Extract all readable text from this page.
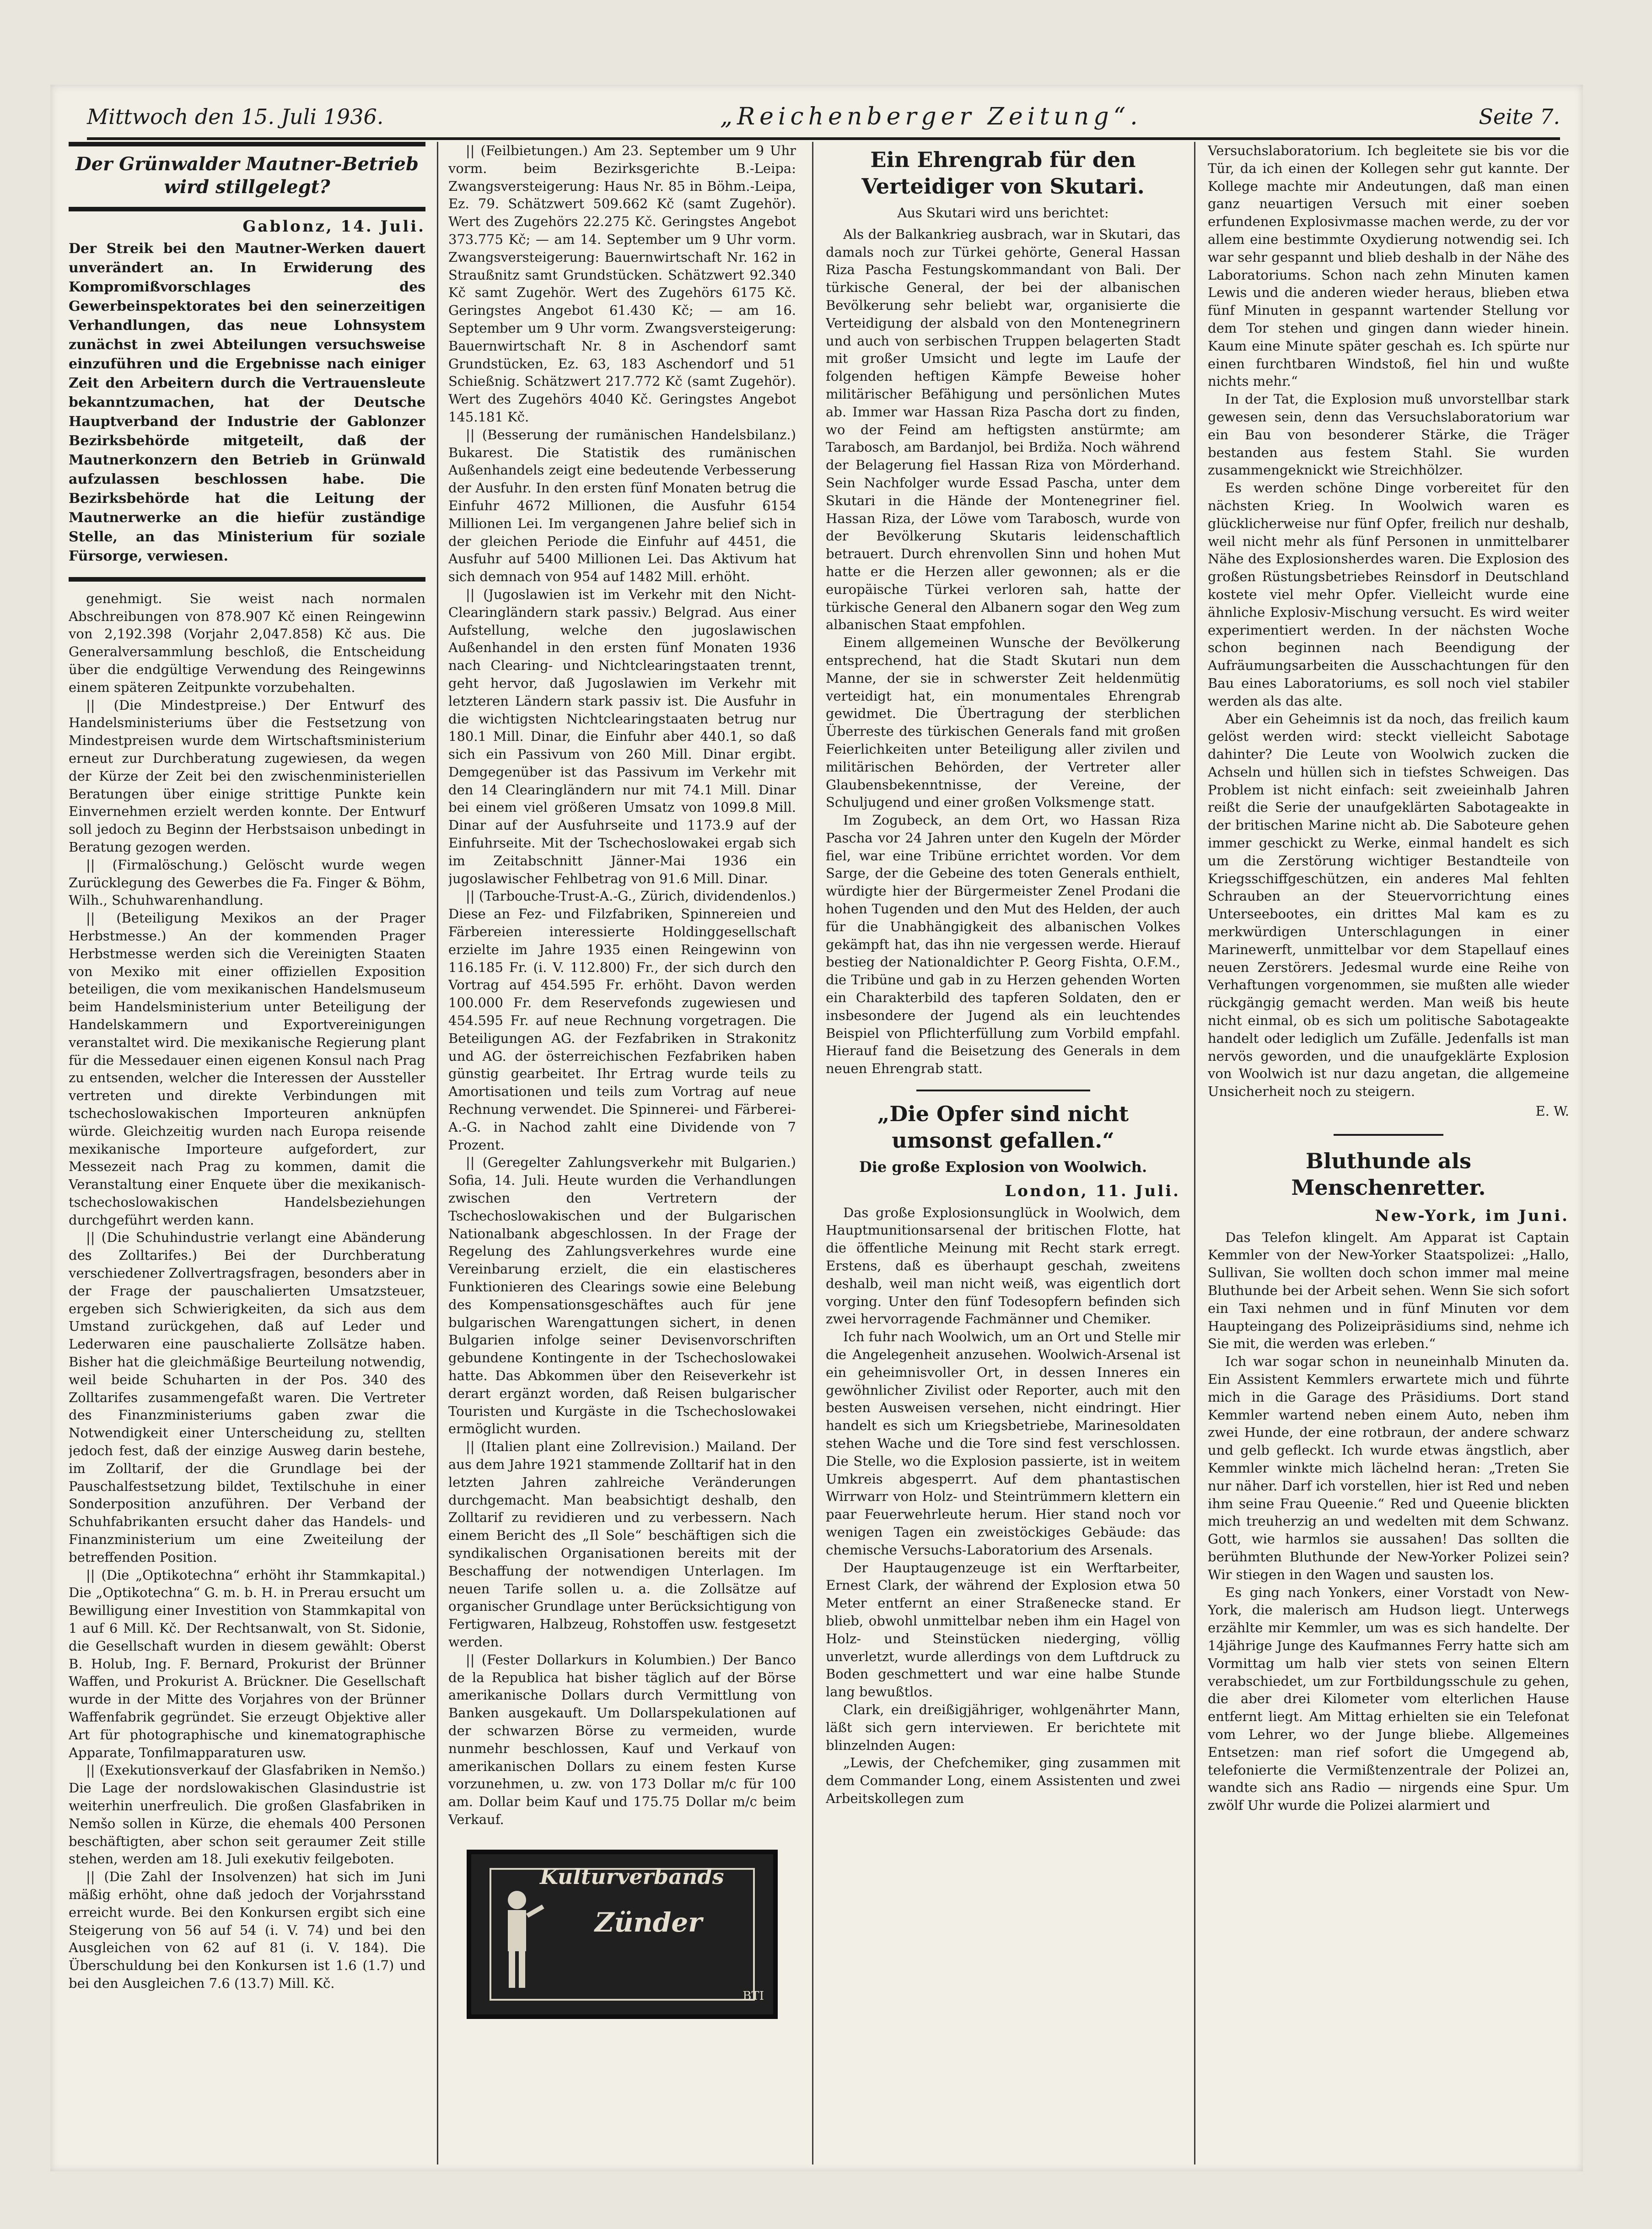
Mittwoch den 15. Juli 1936.	„Reichenberger Zeitung“.	Seite 7.
Der Grünwalder Mautner-Betrieb wird stillgelegt?
Gablonz, 14. Juli.
Der Streik bei den Mautner-Werken dauert unverändert an. In Erwiderung des Kompromißvorschlages des Gewerbeinspektorates bei den seinerzeitigen Verhandlungen, das neue Lohnsystem zunächst in zwei Abteilungen versuchsweise einzuführen und die Ergebnisse nach einiger Zeit den Arbeitern durch die Vertrauensleute bekanntzumachen, hat der Deutsche Hauptverband der Industrie der Gablonzer Bezirksbehörde mitgeteilt, daß der Mautnerkonzern den Betrieb in Grünwald aufzulassen beschlossen habe. Die Bezirksbehörde hat die Leitung der Mautnerwerke an die hiefür zuständige Stelle, an das Ministerium für soziale Fürsorge, verwiesen.

genehmigt. Sie weist nach normalen Abschreibungen von 878.907 Kč einen Reingewinn von 2,192.398 (Vorjahr 2,047.858) Kč aus. Die Generalversammlung beschloß, die Entscheidung über die endgültige Verwendung des Reingewinns einem späteren Zeitpunkte vorzubehalten.

|| (Die Mindestpreise.) Der Entwurf des Handelsministeriums über die Festsetzung von Mindestpreisen wurde dem Wirtschaftsministerium erneut zur Durchberatung zugewiesen, da wegen der Kürze der Zeit bei den zwischenministeriellen Beratungen über einige strittige Punkte kein Einvernehmen erzielt werden konnte. Der Entwurf soll jedoch zu Beginn der Herbstsaison unbedingt in Beratung gezogen werden.

|| (Firmalöschung.) Gelöscht wurde wegen Zurücklegung des Gewerbes die Fa. Finger & Böhm, Wilh., Schuhwarenhandlung.

|| (Beteiligung Mexikos an der Prager Herbstmesse.) An der kommenden Prager Herbstmesse werden sich die Vereinigten Staaten von Mexiko mit einer offiziellen Exposition beteiligen, die vom mexikanischen Handelsmuseum beim Handelsministerium unter Beteiligung der Handelskammern und Exportvereinigungen veranstaltet wird. Die mexikanische Regierung plant für die Messedauer einen eigenen Konsul nach Prag zu entsenden, welcher die Interessen der Aussteller vertreten und direkte Verbindungen mit tschechoslowakischen Importeuren anknüpfen würde. Gleichzeitig wurden nach Europa reisende mexikanische Importeure aufgefordert, zur Messezeit nach Prag zu kommen, damit die Veranstaltung einer Enquete über die mexikanisch-tschechoslowakischen Handelsbeziehungen durchgeführt werden kann.

|| (Die Schuhindustrie verlangt eine Abänderung des Zolltarifes.) Bei der Durchberatung verschiedener Zollvertragsfragen, besonders aber in der Frage der pauschalierten Umsatzsteuer, ergeben sich Schwierigkeiten, da sich aus dem Umstand zurückgehen, daß auf Leder und Lederwaren eine pauschalierte Zollsätze haben. Bisher hat die gleichmäßige Beurteilung notwendig, weil beide Schuharten in der Pos. 340 des Zolltarifes zusammengefaßt waren. Die Vertreter des Finanzministeriums gaben zwar die Notwendigkeit einer Unterscheidung zu, stellten jedoch fest, daß der einzige Ausweg darin bestehe, im Zolltarif, der die Grundlage bei der Pauschalfestsetzung bildet, Textilschuhe in einer Sonderposition anzuführen. Der Verband der Schuhfabrikanten ersucht daher das Handels- und Finanzministerium um eine Zweiteilung der betreffenden Position.

|| (Die „Optikotechna“ erhöht ihr Stammkapital.) Die „Optikotechna“ G. m. b. H. in Prerau ersucht um Bewilligung einer Investition von Stammkapital von 1 auf 6 Mill. Kč. Der Rechtsanwalt, von St. Sidonie, die Gesellschaft wurden in diesem gewählt: Oberst B. Holub, Ing. F. Bernard, Prokurist der Brünner Waffen, und Prokurist A. Brückner. Die Gesellschaft wurde in der Mitte des Vorjahres von der Brünner Waffenfabrik gegründet. Sie erzeugt Objektive aller Art für photographische und kinematographische Apparate, Tonfilmapparaturen usw.

|| (Exekutionsverkauf der Glasfabriken in Nemšo.) Die Lage der nordslowakischen Glasindustrie ist weiterhin unerfreulich. Die großen Glasfabriken in Nemšo sollen in Kürze, die ehemals 400 Personen beschäftigten, aber schon seit geraumer Zeit stille stehen, werden am 18. Juli exekutiv feilgeboten.

|| (Die Zahl der Insolvenzen) hat sich im Juni mäßig erhöht, ohne daß jedoch der Vorjahrsstand erreicht wurde. Bei den Konkursen ergibt sich eine Steigerung von 56 auf 54 (i. V. 74) und bei den Ausgleichen von 62 auf 81 (i. V. 184). Die Überschuldung bei den Konkursen ist 1.6 (1.7) und bei den Ausgleichen 7.6 (13.7) Mill. Kč.

|| (Feilbietungen.) Am 23. September um 9 Uhr vorm. beim Bezirksgerichte B.-Leipa: Zwangsversteigerung: Haus Nr. 85 in Böhm.-Leipa, Ez. 79. Schätzwert 509.662 Kč (samt Zugehör). Wert des Zugehörs 22.275 Kč. Geringstes Angebot 373.775 Kč; — am 14. September um 9 Uhr vorm. Zwangsversteigerung: Bauernwirtschaft Nr. 162 in Straußnitz samt Grundstücken. Schätzwert 92.340 Kč samt Zugehör. Wert des Zugehörs 6175 Kč. Geringstes Angebot 61.430 Kč; — am 16. September um 9 Uhr vorm. Zwangsversteigerung: Bauernwirtschaft Nr. 8 in Aschendorf samt Grundstücken, Ez. 63, 183 Aschendorf und 51 Schießnig. Schätzwert 217.772 Kč (samt Zugehör). Wert des Zugehörs 4040 Kč. Geringstes Angebot 145.181 Kč.

|| (Besserung der rumänischen Handelsbilanz.) Bukarest. Die Statistik des rumänischen Außenhandels zeigt eine bedeutende Verbesserung der Ausfuhr. In den ersten fünf Monaten betrug die Einfuhr 4672 Millionen, die Ausfuhr 6154 Millionen Lei. Im vergangenen Jahre belief sich in der gleichen Periode die Einfuhr auf 4451, die Ausfuhr auf 5400 Millionen Lei. Das Aktivum hat sich demnach von 954 auf 1482 Mill. erhöht.

|| (Jugoslawien ist im Verkehr mit den Nicht-Clearingländern stark passiv.) Belgrad. Aus einer Aufstellung, welche den jugoslawischen Außenhandel in den ersten fünf Monaten 1936 nach Clearing- und Nichtclearingstaaten trennt, geht hervor, daß Jugoslawien im Verkehr mit letzteren Ländern stark passiv ist. Die Ausfuhr in die wichtigsten Nichtclearingstaaten betrug nur 180.1 Mill. Dinar, die Einfuhr aber 440.1, so daß sich ein Passivum von 260 Mill. Dinar ergibt. Demgegenüber ist das Passivum im Verkehr mit den 14 Clearingländern nur mit 74.1 Mill. Dinar bei einem viel größeren Umsatz von 1099.8 Mill. Dinar auf der Ausfuhrseite und 1173.9 auf der Einfuhrseite. Mit der Tschechoslowakei ergab sich im Zeitabschnitt Jänner-Mai 1936 ein jugoslawischer Fehlbetrag von 91.6 Mill. Dinar.

|| (Tarbouche-Trust-A.-G., Zürich, dividendenlos.) Diese an Fez- und Filzfabriken, Spinnereien und Färbereien interessierte Holdinggesellschaft erzielte im Jahre 1935 einen Reingewinn von 116.185 Fr. (i. V. 112.800) Fr., der sich durch den Vortrag auf 454.595 Fr. erhöht. Davon werden 100.000 Fr. dem Reservefonds zugewiesen und 454.595 Fr. auf neue Rechnung vorgetragen. Die Beteiligungen AG. der Fezfabriken in Strakonitz und AG. der österreichischen Fezfabriken haben günstig gearbeitet. Ihr Ertrag wurde teils zu Amortisationen und teils zum Vortrag auf neue Rechnung verwendet. Die Spinnerei- und Färberei-A.-G. in Nachod zahlt eine Dividende von 7 Prozent.

|| (Geregelter Zahlungsverkehr mit Bulgarien.) Sofia, 14. Juli. Heute wurden die Verhandlungen zwischen den Vertretern der Tschechoslowakischen und der Bulgarischen Nationalbank abgeschlossen. In der Frage der Regelung des Zahlungsverkehres wurde eine Vereinbarung erzielt, die ein elastischeres Funktionieren des Clearings sowie eine Belebung des Kompensationsgeschäftes auch für jene bulgarischen Warengattungen sichert, in denen Bulgarien infolge seiner Devisenvorschriften gebundene Kontingente in der Tschechoslowakei hatte. Das Abkommen über den Reiseverkehr ist derart ergänzt worden, daß Reisen bulgarischer Touristen und Kurgäste in die Tschechoslowakei ermöglicht wurden.

|| (Italien plant eine Zollrevision.) Mailand. Der aus dem Jahre 1921 stammende Zolltarif hat in den letzten Jahren zahlreiche Veränderungen durchgemacht. Man beabsichtigt deshalb, den Zolltarif zu revidieren und zu verbessern. Nach einem Bericht des „Il Sole“ beschäftigen sich die syndikalischen Organisationen bereits mit der Beschaffung der notwendigen Unterlagen. Im neuen Tarife sollen u. a. die Zollsätze auf organischer Grundlage unter Berücksichtigung von Fertigwaren, Halbzeug, Rohstoffen usw. festgesetzt werden.

|| (Fester Dollarkurs in Kolumbien.) Der Banco de la Republica hat bisher täglich auf der Börse amerikanische Dollars durch Vermittlung von Banken ausgekauft. Um Dollarspekulationen auf der schwarzen Börse zu vermeiden, wurde nunmehr beschlossen, Kauf und Verkauf von amerikanischen Dollars zu einem festen Kurse vorzunehmen, u. zw. von 173 Dollar m/c für 100 am. Dollar beim Kauf und 175.75 Dollar m/c beim Verkauf.

Kulturverbands
Zünder
BTI
Ein Ehrengrab für den Verteidiger von Skutari.
Aus Skutari wird uns berichtet:

Als der Balkankrieg ausbrach, war in Skutari, das damals noch zur Türkei gehörte, General Hassan Riza Pascha Festungskommandant von Bali. Der türkische General, der bei der albanischen Bevölkerung sehr beliebt war, organisierte die Verteidigung der alsbald von den Montenegrinern und auch von serbischen Truppen belagerten Stadt mit großer Umsicht und legte im Laufe der folgenden heftigen Kämpfe Beweise hoher militärischer Befähigung und persönlichen Mutes ab. Immer war Hassan Riza Pascha dort zu finden, wo der Feind am heftigsten anstürmte; am Tarabosch, am Bardanjol, bei Brdiža. Noch während der Belagerung fiel Hassan Riza von Mörderhand. Sein Nachfolger wurde Essad Pascha, unter dem Skutari in die Hände der Montenegriner fiel. Hassan Riza, der Löwe vom Tarabosch, wurde von der Bevölkerung Skutaris leidenschaftlich betrauert. Durch ehrenvollen Sinn und hohen Mut hatte er die Herzen aller gewonnen; als er die europäische Türkei verloren sah, hatte der türkische General den Albanern sogar den Weg zum albanischen Staat empfohlen.

Einem allgemeinen Wunsche der Bevölkerung entsprechend, hat die Stadt Skutari nun dem Manne, der sie in schwerster Zeit heldenmütig verteidigt hat, ein monumentales Ehrengrab gewidmet. Die Übertragung der sterblichen Überreste des türkischen Generals fand mit großen Feierlichkeiten unter Beteiligung aller zivilen und militärischen Behörden, der Vertreter aller Glaubensbekenntnisse, der Vereine, der Schuljugend und einer großen Volksmenge statt.

Im Zogubeck, an dem Ort, wo Hassan Riza Pascha vor 24 Jahren unter den Kugeln der Mörder fiel, war eine Tribüne errichtet worden. Vor dem Sarge, der die Gebeine des toten Generals enthielt, würdigte hier der Bürgermeister Zenel Prodani die hohen Tugenden und den Mut des Helden, der auch für die Unabhängigkeit des albanischen Volkes gekämpft hat, das ihn nie vergessen werde. Hierauf bestieg der Nationaldichter P. Georg Fishta, O.F.M., die Tribüne und gab in zu Herzen gehenden Worten ein Charakterbild des tapferen Soldaten, den er insbesondere der Jugend als ein leuchtendes Beispiel von Pflichterfüllung zum Vorbild empfahl. Hierauf fand die Beisetzung des Generals in dem neuen Ehrengrab statt.

„Die Opfer sind nicht umsonst gefallen.“
Die große Explosion von Woolwich.
London, 11. Juli.

Das große Explosionsunglück in Woolwich, dem Hauptmunitionsarsenal der britischen Flotte, hat die öffentliche Meinung mit Recht stark erregt. Erstens, daß es überhaupt geschah, zweitens deshalb, weil man nicht weiß, was eigentlich dort vorging. Unter den fünf Todesopfern befinden sich zwei hervorragende Fachmänner und Chemiker.

Ich fuhr nach Woolwich, um an Ort und Stelle mir die Angelegenheit anzusehen. Woolwich-Arsenal ist ein geheimnisvoller Ort, in dessen Inneres ein gewöhnlicher Zivilist oder Reporter, auch mit den besten Ausweisen versehen, nicht eindringt. Hier handelt es sich um Kriegsbetriebe, Marinesoldaten stehen Wache und die Tore sind fest verschlossen. Die Stelle, wo die Explosion passierte, ist in weitem Umkreis abgesperrt. Auf dem phantastischen Wirrwarr von Holz- und Steintrümmern klettern ein paar Feuerwehrleute herum. Hier stand noch vor wenigen Tagen ein zweistöckiges Gebäude: das chemische Versuchs-Laboratorium des Arsenals.

Der Hauptaugenzeuge ist ein Werftarbeiter, Ernest Clark, der während der Explosion etwa 50 Meter entfernt an einer Straßenecke stand. Er blieb, obwohl unmittelbar neben ihm ein Hagel von Holz- und Steinstücken niederging, völlig unverletzt, wurde allerdings von dem Luftdruck zu Boden geschmettert und war eine halbe Stunde lang bewußtlos.

Clark, ein dreißigjähriger, wohlgenährter Mann, läßt sich gern interviewen. Er berichtete mit blinzelnden Augen:

„Lewis, der Chefchemiker, ging zusammen mit dem Commander Long, einem Assistenten und zwei Arbeitskollegen zum

Versuchslaboratorium. Ich begleitete sie bis vor die Tür, da ich einen der Kollegen sehr gut kannte. Der Kollege machte mir Andeutungen, daß man einen ganz neuartigen Versuch mit einer soeben erfundenen Explosivmasse machen werde, zu der vor allem eine bestimmte Oxydierung notwendig sei. Ich war sehr gespannt und blieb deshalb in der Nähe des Laboratoriums. Schon nach zehn Minuten kamen Lewis und die anderen wieder heraus, blieben etwa fünf Minuten in gespannt wartender Stellung vor dem Tor stehen und gingen dann wieder hinein. Kaum eine Minute später geschah es. Ich spürte nur einen furchtbaren Windstoß, fiel hin und wußte nichts mehr.“

In der Tat, die Explosion muß unvorstellbar stark gewesen sein, denn das Versuchslaboratorium war ein Bau von besonderer Stärke, die Träger bestanden aus festem Stahl. Sie wurden zusammengeknickt wie Streichhölzer.

Es werden schöne Dinge vorbereitet für den nächsten Krieg. In Woolwich waren es glücklicherweise nur fünf Opfer, freilich nur deshalb, weil nicht mehr als fünf Personen in unmittelbarer Nähe des Explosionsherdes waren. Die Explosion des großen Rüstungsbetriebes Reinsdorf in Deutschland kostete viel mehr Opfer. Vielleicht wurde eine ähnliche Explosiv-Mischung versucht. Es wird weiter experimentiert werden. In der nächsten Woche schon beginnen nach Beendigung der Aufräumungsarbeiten die Ausschachtungen für den Bau eines Laboratoriums, es soll noch viel stabiler werden als das alte.

Aber ein Geheimnis ist da noch, das freilich kaum gelöst werden wird: steckt vielleicht Sabotage dahinter? Die Leute von Woolwich zucken die Achseln und hüllen sich in tiefstes Schweigen. Das Problem ist nicht einfach: seit zweieinhalb Jahren reißt die Serie der unaufgeklärten Sabotageakte in der britischen Marine nicht ab. Die Saboteure gehen immer geschickt zu Werke, einmal handelt es sich um die Zerstörung wichtiger Bestandteile von Kriegsschiffgeschützen, ein anderes Mal fehlten Schrauben an der Steuervorrichtung eines Unterseebootes, ein drittes Mal kam es zu merkwürdigen Unterschlagungen in einer Marinewerft, unmittelbar vor dem Stapellauf eines neuen Zerstörers. Jedesmal wurde eine Reihe von Verhaftungen vorgenommen, sie mußten alle wieder rückgängig gemacht werden. Man weiß bis heute nicht einmal, ob es sich um politische Sabotageakte handelt oder lediglich um Zufälle. Jedenfalls ist man nervös geworden, und die unaufgeklärte Explosion von Woolwich ist nur dazu angetan, die allgemeine Unsicherheit noch zu steigern.

E. W.
Bluthunde als Menschenretter.
New-York, im Juni.

Das Telefon klingelt. Am Apparat ist Captain Kemmler von der New-Yorker Staatspolizei: „Hallo, Sullivan, Sie wollten doch schon immer mal meine Bluthunde bei der Arbeit sehen. Wenn Sie sich sofort ein Taxi nehmen und in fünf Minuten vor dem Haupteingang des Polizeipräsidiums sind, nehme ich Sie mit, die werden was erleben.“

Ich war sogar schon in neuneinhalb Minuten da. Ein Assistent Kemmlers erwartete mich und führte mich in die Garage des Präsidiums. Dort stand Kemmler wartend neben einem Auto, neben ihm zwei Hunde, der eine rotbraun, der andere schwarz und gelb gefleckt. Ich wurde etwas ängstlich, aber Kemmler winkte mich lächelnd heran: „Treten Sie nur näher. Darf ich vorstellen, hier ist Red und neben ihm seine Frau Queenie.“ Red und Queenie blickten mich treuherzig an und wedelten mit dem Schwanz. Gott, wie harmlos sie aussahen! Das sollten die berühmten Bluthunde der New-Yorker Polizei sein? Wir stiegen in den Wagen und sausten los.

Es ging nach Yonkers, einer Vorstadt von New-York, die malerisch am Hudson liegt. Unterwegs erzählte mir Kemmler, um was es sich handelte. Der 14jährige Junge des Kaufmannes Ferry hatte sich am Vormittag um halb vier stets von seinen Eltern verabschiedet, um zur Fortbildungsschule zu gehen, die aber drei Kilometer vom elterlichen Hause entfernt liegt. Am Mittag erhielten sie ein Telefonat vom Lehrer, wo der Junge bliebe. Allgemeines Entsetzen: man rief sofort die Umgegend ab, telefonierte die Vermißtenzentrale der Polizei an, wandte sich ans Radio — nirgends eine Spur. Um zwölf Uhr wurde die Polizei alarmiert und
